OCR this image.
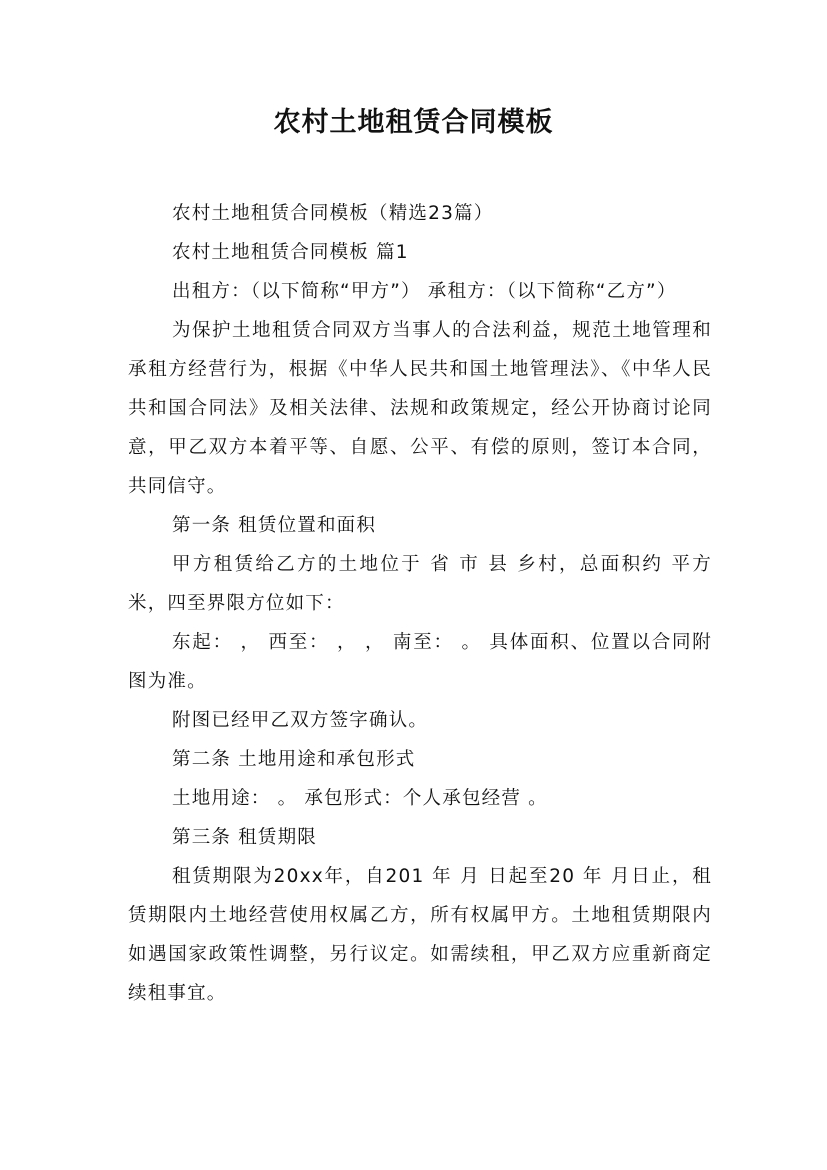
农村土地租赁合同模板

农村土地租赁合同模板（精选23篇）

农村土地租赁合同模板 篇1

出租方：（以下简称“甲方”） 承租方：（以下简称“乙方”）

为保护土地租赁合同双方当事人的合法利益，规范土地管理和承租方经营行为，根据《中华人民共和国土地管理法》、《中华人民共和国合同法》及相关法律、法规和政策规定，经公开协商讨论同意，甲乙双方本着平等、自愿、公平、有偿的原则，签订本合同，共同信守。

第一条 租赁位置和面积

甲方租赁给乙方的土地位于 省 市 县 乡村，总面积约 平方米，四至界限方位如下：

东起： ， 西至： ， ， 南至： 。 具体面积、位置以合同附图为准。

附图已经甲乙双方签字确认。

第二条 土地用途和承包形式

土地用途： 。 承包形式：个人承包经营 。

第三条 租赁期限

租赁期限为20xx年，自201 年 月 日起至20 年 月日止，租赁期限内土地经营使用权属乙方，所有权属甲方。土地租赁期限内如遇国家政策性调整，另行议定。如需续租，甲乙双方应重新商定续租事宜。
